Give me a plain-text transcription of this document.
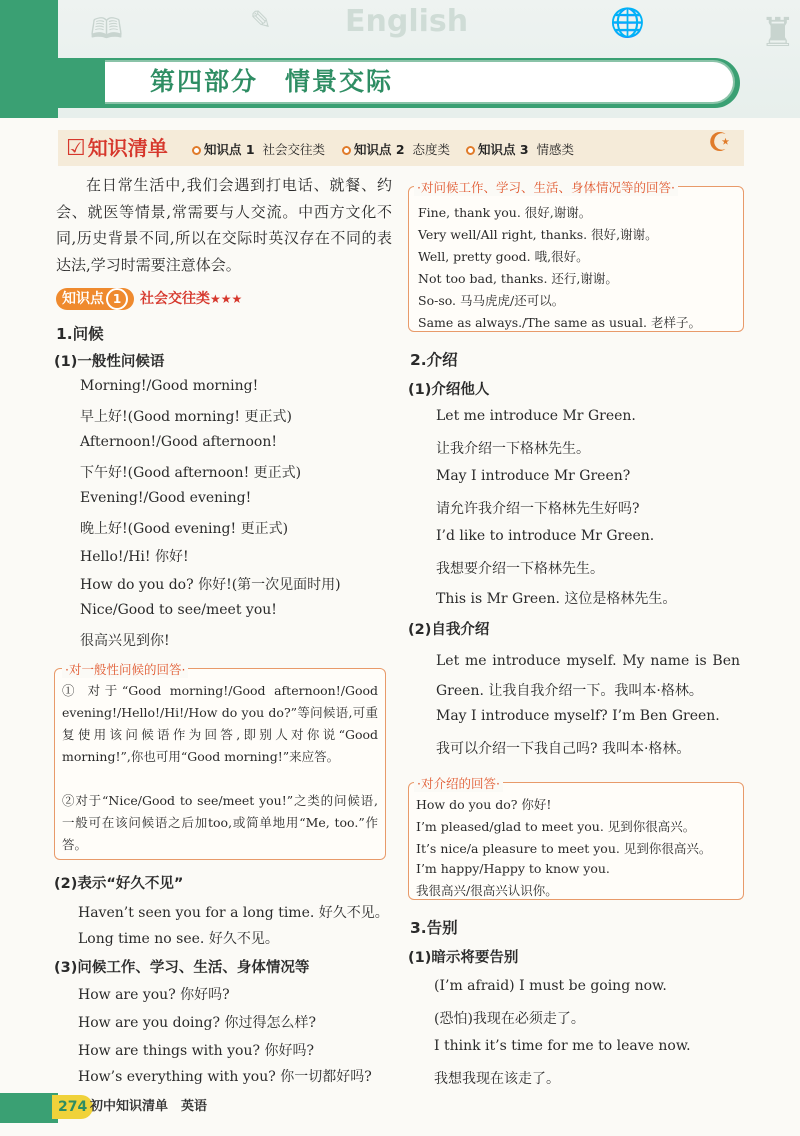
🕮	✎ English	🌐	♜
第四部分　情景交际
☑ 知识清单	知识点 1 社会交往类	知识点 2 态度类	知识点 3 情感类	☪
在日常生活中,我们会遇到打电话、就餐、约会、就医等情景,常需要与人交流。中西方文化不同,历史背景不同,所以在交际时英汉存在不同的表达法,学习时需要注意体会。
知识点 1 社会交往类★★★
1.问候
(1)一般性问候语
Morning!/Good morning!
早上好!(Good morning! 更正式)
Afternoon!/Good afternoon!
下午好!(Good afternoon! 更正式)
Evening!/Good evening!
晚上好!(Good evening! 更正式)
Hello!/Hi! 你好!
How do you do? 你好!(第一次见面时用)
Nice/Good to see/meet you!
很高兴见到你!
·对一般性问候的回答·
① 对于“Good morning!/Good afternoon!/Good evening!/Hello!/Hi!/How do you do?”等问候语,可重复使用该问候语作为回答,即别人对你说“Good morning!”,你也可用“Good morning!”来应答。
②对于“Nice/Good to see/meet you!”之类的问候语,一般可在该问候语之后加too,或简单地用“Me, too.”作答。
(2)表示“好久不见”
Haven’t seen you for a long time. 好久不见。
Long time no see. 好久不见。
(3)问候工作、学习、生活、身体情况等
How are you? 你好吗?
How are you doing? 你过得怎么样?
How are things with you? 你好吗?
How’s everything with you? 你一切都好吗?
·对问候工作、学习、生活、身体情况等的回答·
Fine, thank you. 很好,谢谢。
Very well/All right, thanks. 很好,谢谢。
Well, pretty good. 哦,很好。
Not too bad, thanks. 还行,谢谢。
So-so. 马马虎虎/还可以。
Same as always./The same as usual. 老样子。
2.介绍
(1)介绍他人
Let me introduce Mr Green.
让我介绍一下格林先生。
May I introduce Mr Green?
请允许我介绍一下格林先生好吗?
I’d like to introduce Mr Green.
我想要介绍一下格林先生。
This is Mr Green. 这位是格林先生。
(2)自我介绍
Let me introduce myself. My name is Ben Green. 让我自我介绍一下。我叫本·格林。
May I introduce myself? I’m Ben Green.
我可以介绍一下我自己吗? 我叫本·格林。
·对介绍的回答·
How do you do? 你好!
I’m pleased/glad to meet you. 见到你很高兴。
It’s nice/a pleasure to meet you. 见到你很高兴。
I’m happy/Happy to know you.
我很高兴/很高兴认识你。
3.告别
(1)暗示将要告别
(I’m afraid) I must be going now.
(恐怕)我现在必须走了。
I think it’s time for me to leave now.
我想我现在该走了。
274 初中知识清单　英语
